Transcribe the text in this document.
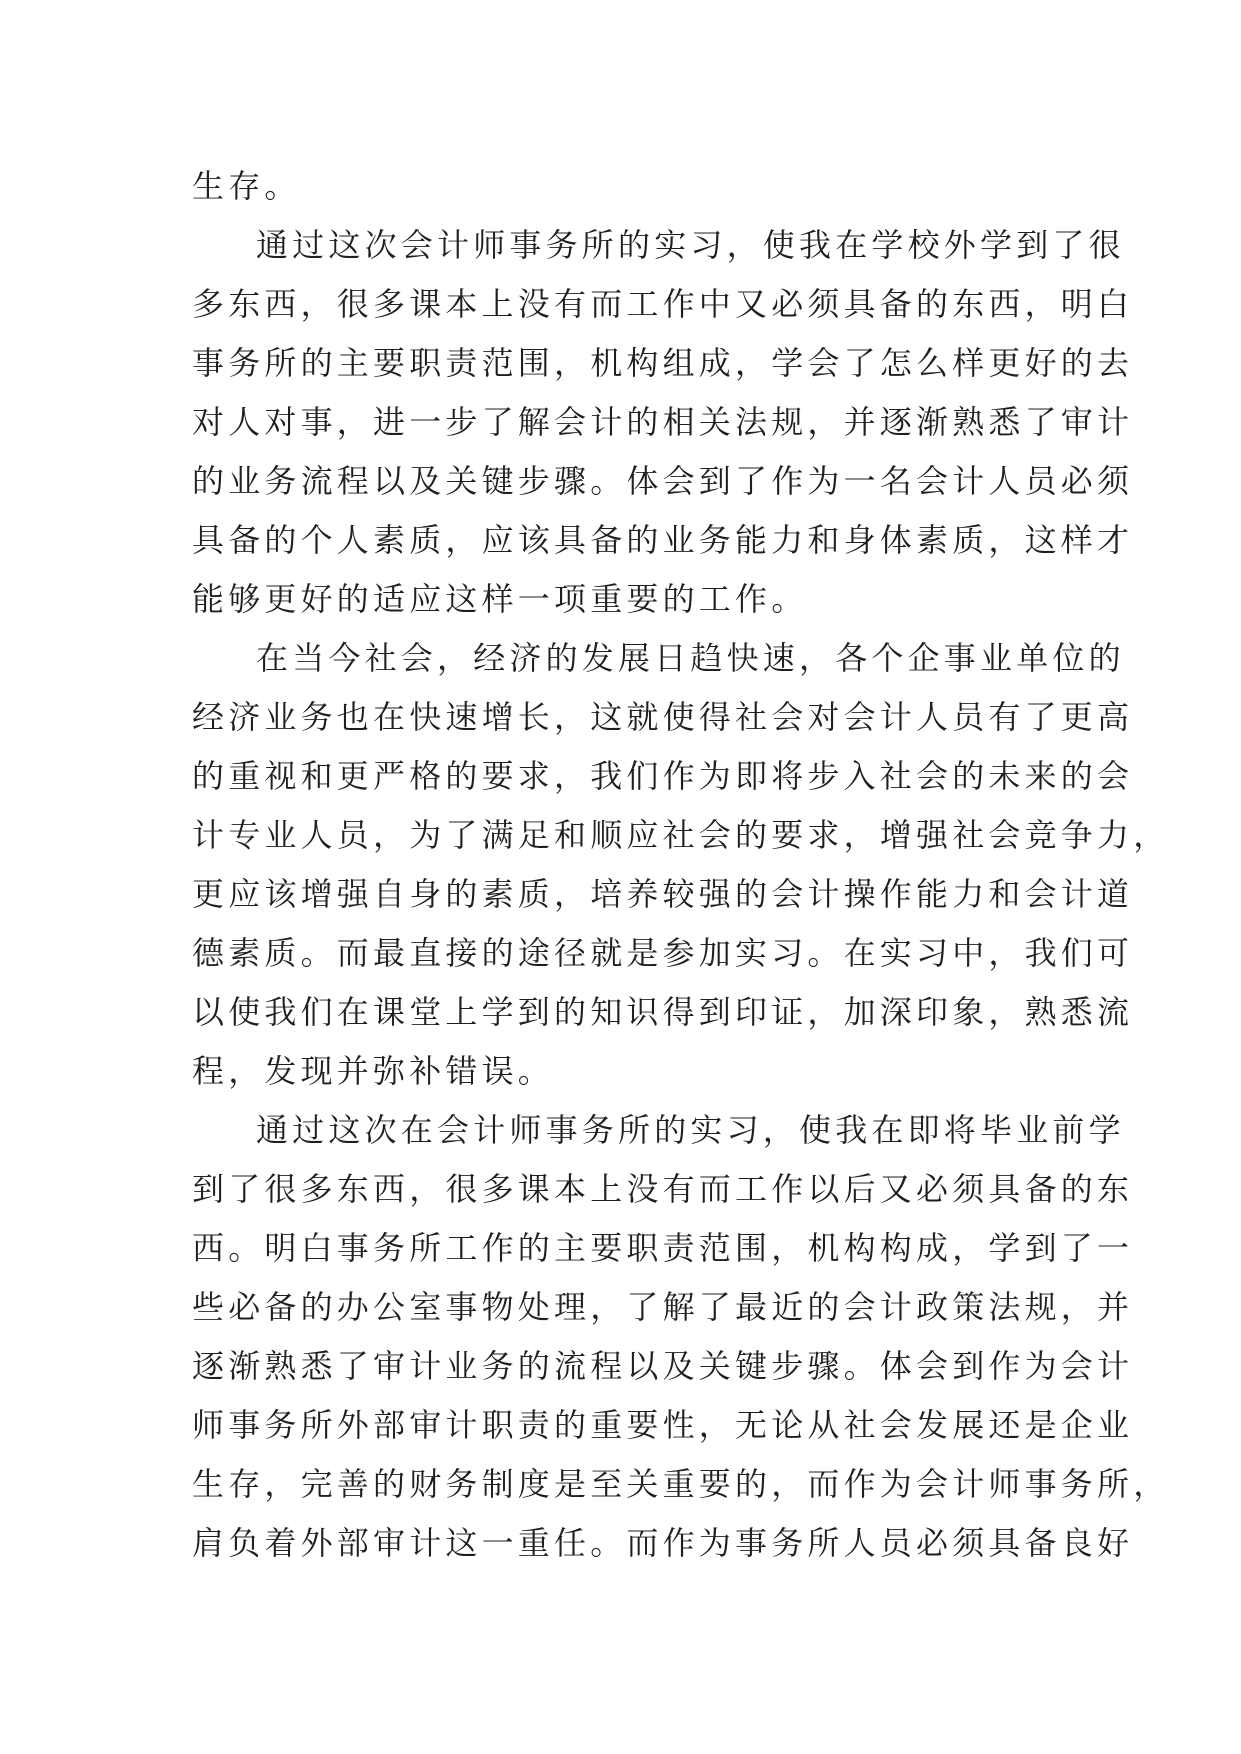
生存。
通过这次会计师事务所的实习，使我在学校外学到了很
多东西，很多课本上没有而工作中又必须具备的东西，明白
事务所的主要职责范围，机构组成，学会了怎么样更好的去
对人对事，进一步了解会计的相关法规，并逐渐熟悉了审计
的业务流程以及关键步骤。体会到了作为一名会计人员必须
具备的个人素质，应该具备的业务能力和身体素质，这样才
能够更好的适应这样一项重要的工作。
在当今社会，经济的发展日趋快速，各个企事业单位的
经济业务也在快速增长，这就使得社会对会计人员有了更高
的重视和更严格的要求，我们作为即将步入社会的未来的会
计专业人员，为了满足和顺应社会的要求，增强社会竞争力，
更应该增强自身的素质，培养较强的会计操作能力和会计道
德素质。而最直接的途径就是参加实习。在实习中，我们可
以使我们在课堂上学到的知识得到印证，加深印象，熟悉流
程，发现并弥补错误。
通过这次在会计师事务所的实习，使我在即将毕业前学
到了很多东西，很多课本上没有而工作以后又必须具备的东
西。明白事务所工作的主要职责范围，机构构成，学到了一
些必备的办公室事物处理，了解了最近的会计政策法规，并
逐渐熟悉了审计业务的流程以及关键步骤。体会到作为会计
师事务所外部审计职责的重要性，无论从社会发展还是企业
生存，完善的财务制度是至关重要的，而作为会计师事务所，
肩负着外部审计这一重任。而作为事务所人员必须具备良好
